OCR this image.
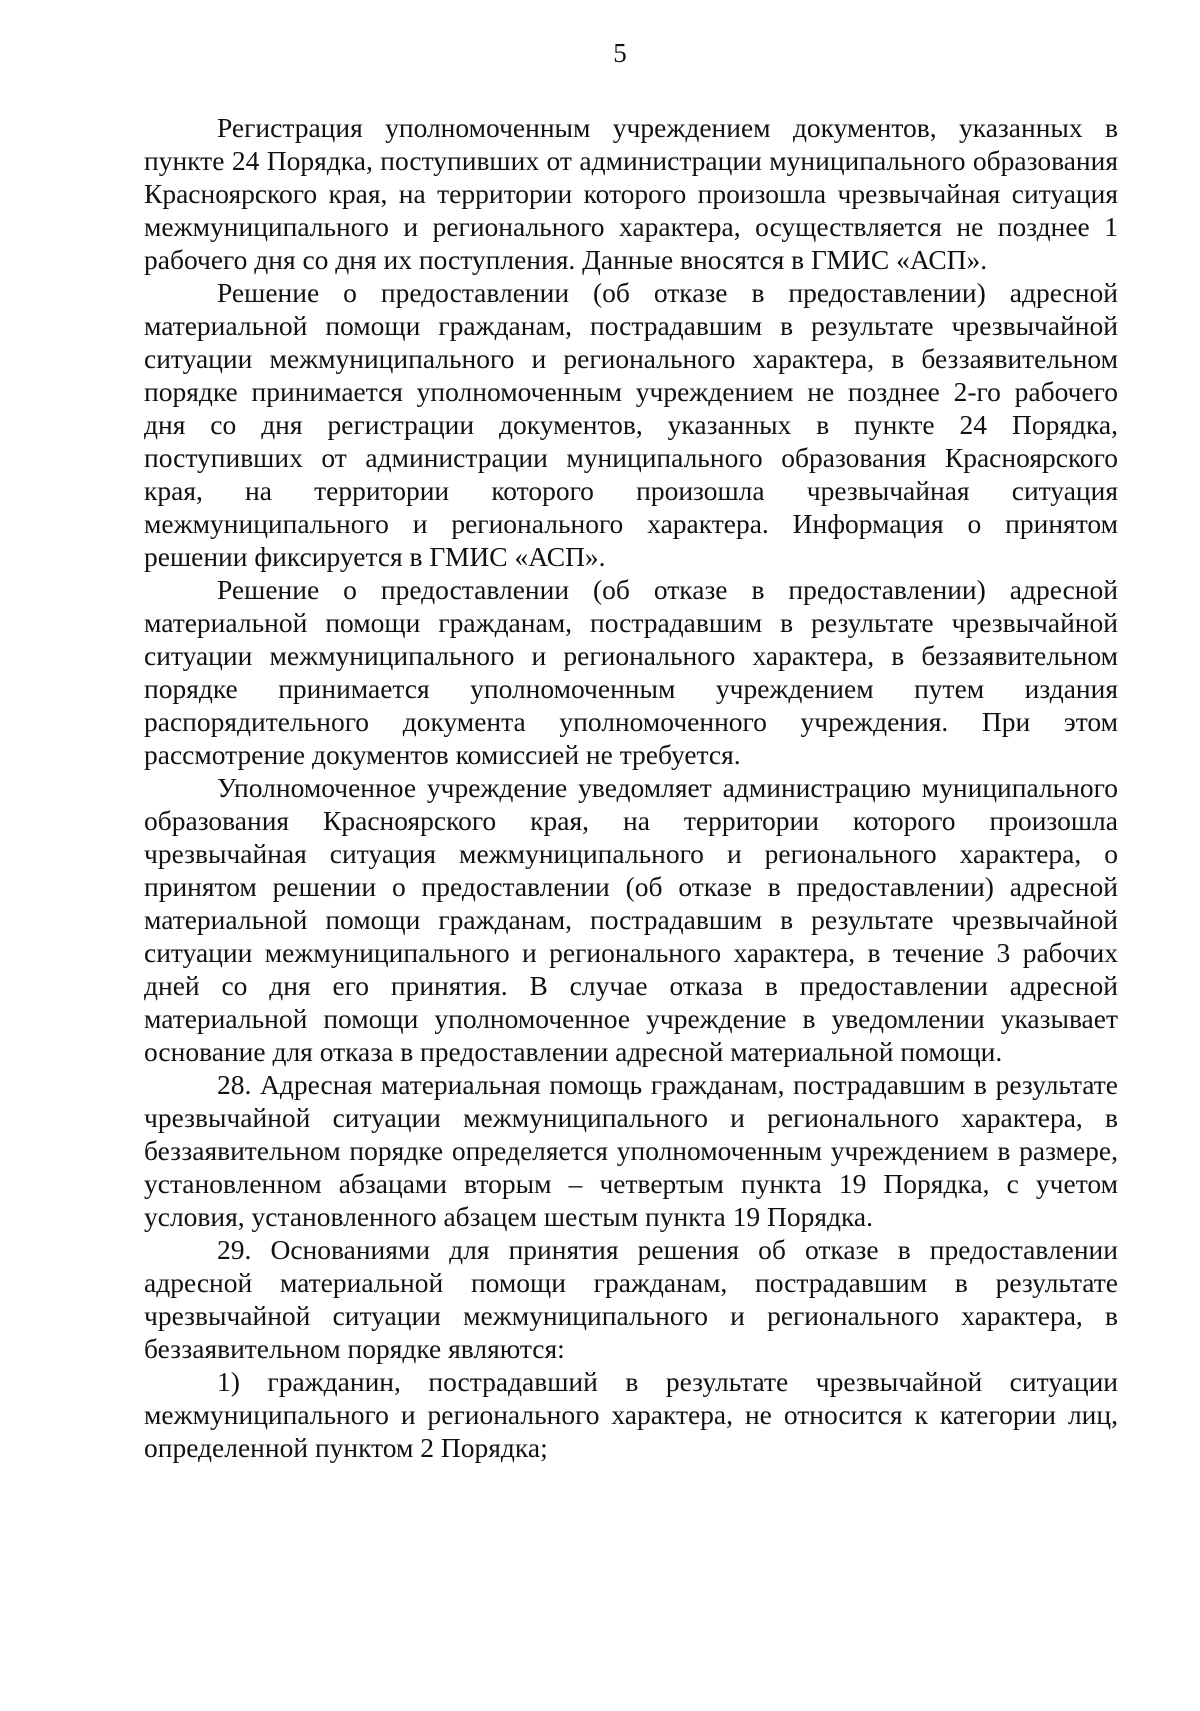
5

Регистрация уполномоченным учреждением документов, указанных в пункте 24 Порядка, поступивших от администрации муниципального образования Красноярского края, на территории которого произошла чрезвычайная ситуация межмуниципального и регионального характера, осуществляется не позднее 1 рабочего дня со дня их поступления. Данные вносятся в ГМИС «АСП».

Решение о предоставлении (об отказе в предоставлении) адресной материальной помощи гражданам, пострадавшим в результате чрезвычайной ситуации межмуниципального и регионального характера, в беззаявительном порядке принимается уполномоченным учреждением не позднее 2-го рабочего дня со дня регистрации документов, указанных в пункте 24 Порядка, поступивших от администрации муниципального образования Красноярского края, на территории которого произошла чрезвычайная ситуация межмуниципального и регионального характера. Информация о принятом решении фиксируется в ГМИС «АСП».

Решение о предоставлении (об отказе в предоставлении) адресной материальной помощи гражданам, пострадавшим в результате чрезвычайной ситуации межмуниципального и регионального характера, в беззаявительном порядке принимается уполномоченным учреждением путем издания распорядительного документа уполномоченного учреждения. При этом рассмотрение документов комиссией не требуется.

Уполномоченное учреждение уведомляет администрацию муниципального образования Красноярского края, на территории которого произошла чрезвычайная ситуация межмуниципального и регионального характера, о принятом решении о предоставлении (об отказе в предоставлении) адресной материальной помощи гражданам, пострадавшим в результате чрезвычайной ситуации межмуниципального и регионального характера, в течение 3 рабочих дней со дня его принятия. В случае отказа в предоставлении адресной материальной помощи уполномоченное учреждение в уведомлении указывает основание для отказа в предоставлении адресной материальной помощи.

28. Адресная материальная помощь гражданам, пострадавшим в результате чрезвычайной ситуации межмуниципального и регионального характера, в беззаявительном порядке определяется уполномоченным учреждением в размере, установленном абзацами вторым – четвертым пункта 19 Порядка, с учетом условия, установленного абзацем шестым пункта 19 Порядка.

29. Основаниями для принятия решения об отказе в предоставлении адресной материальной помощи гражданам, пострадавшим в результате чрезвычайной ситуации межмуниципального и регионального характера, в беззаявительном порядке являются:

1) гражданин, пострадавший в результате чрезвычайной ситуации межмуниципального и регионального характера, не относится к категории лиц, определенной пунктом 2 Порядка;
